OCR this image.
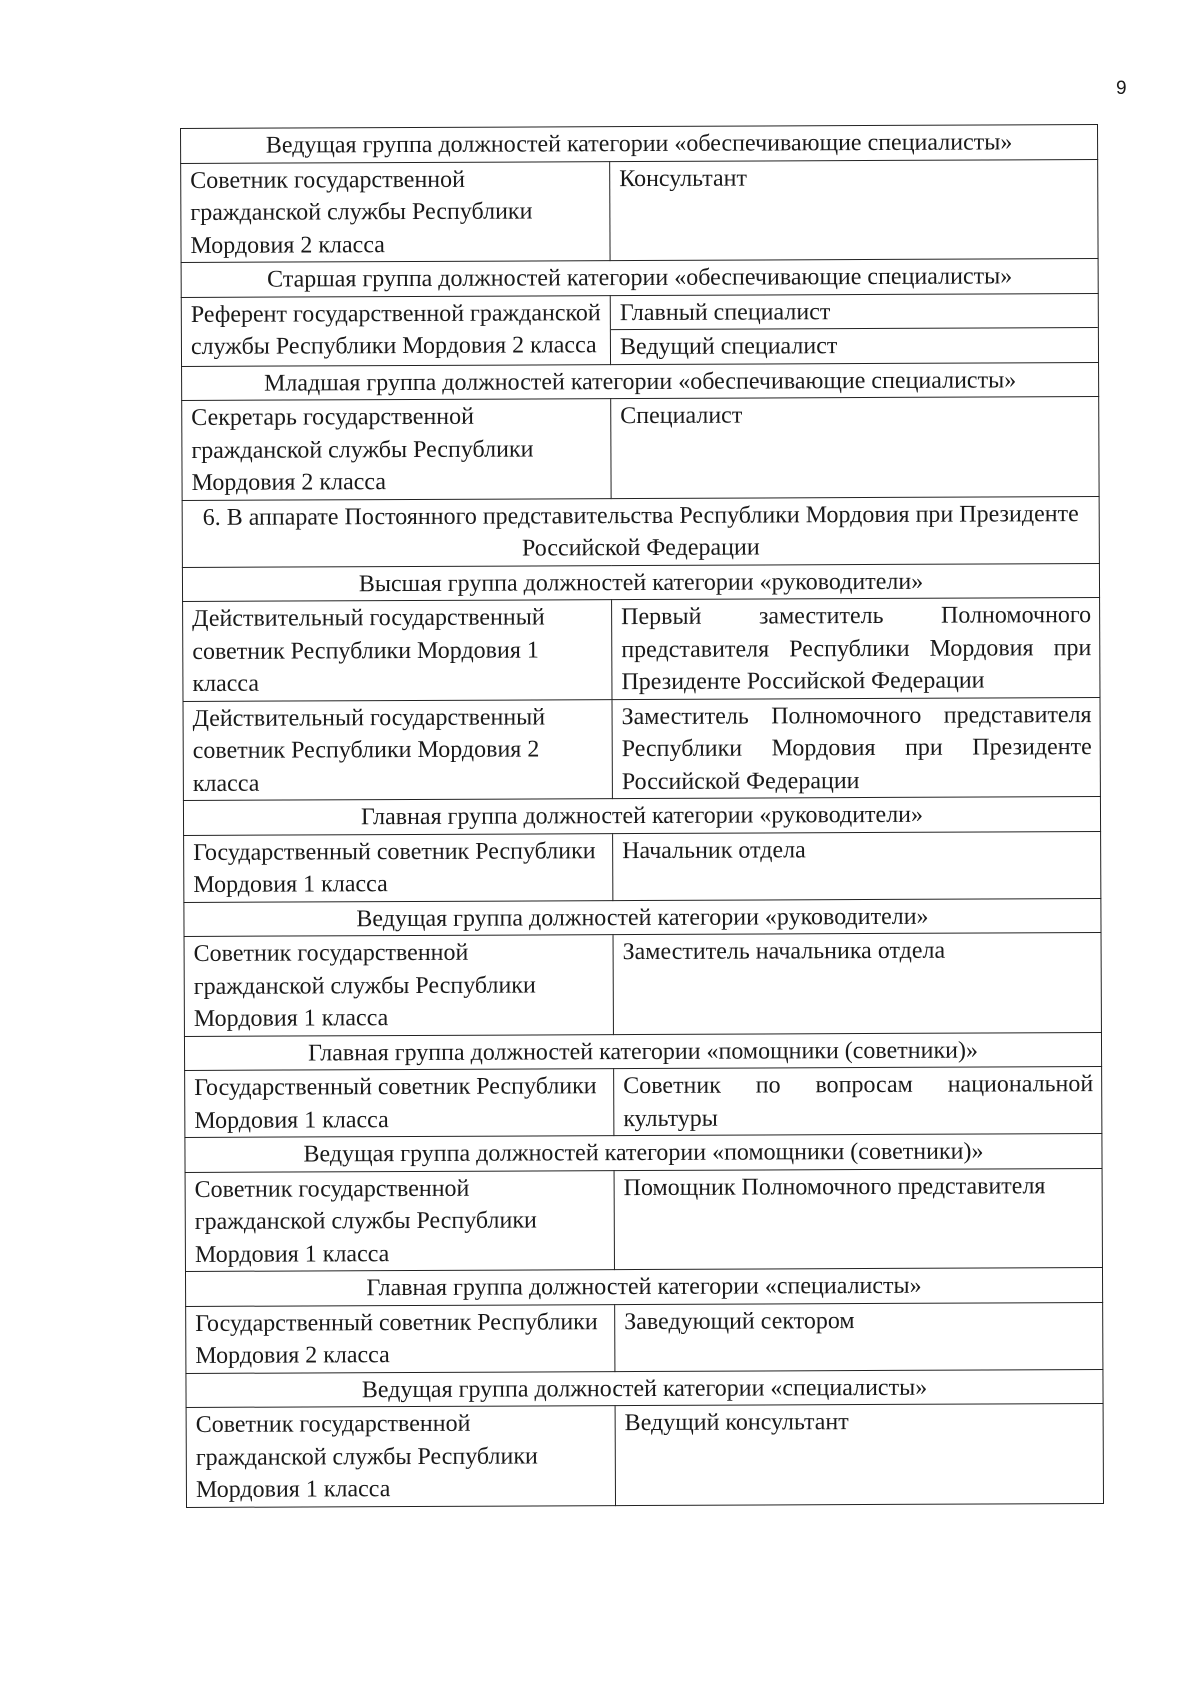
9
Ведущая группа должностей категории «обеспечивающие специалисты»	
Советник государственной гражданской службы Республики Мордовия 2 класса	Консультант
Старшая группа должностей категории «обеспечивающие специалисты»	
Референт государственной гражданской службы Республики Мордовия 2 класса	Главный специалист
Ведущий специалист

Младшая группа должностей категории «обеспечивающие специалисты»	
Секретарь государственной гражданской службы Республики Мордовия 2 класса	Специалист
6. В аппарате Постоянного представительства Республики Мордовия при Президенте Российской Федерации	
Высшая группа должностей категории «руководители»	
Действительный государственный советник Республики Мордовия 1 класса	Первый заместитель Полномочного представителя Республики Мордовия при Президенте Российской Федерации
Действительный государственный советник Республики Мордовия 2 класса	Заместитель Полномочного представителя Республики Мордовия при Президенте Российской Федерации
Главная группа должностей категории «руководители»	
Государственный советник Республики Мордовия 1 класса	Начальник отдела
Ведущая группа должностей категории «руководители»	
Советник государственной гражданской службы Республики Мордовия 1 класса	Заместитель начальника отдела
Главная группа должностей категории «помощники (советники)»	
Государственный советник Республики Мордовия 1 класса	Советник по вопросам национальной культуры
Ведущая группа должностей категории «помощники (советники)»	
Советник государственной гражданской службы Республики Мордовия 1 класса	Помощник Полномочного представителя
Главная группа должностей категории «специалисты»	
Государственный советник Республики Мордовия 2 класса	Заведующий сектором
Ведущая группа должностей категории «специалисты»	
Советник государственной гражданской службы Республики Мордовия 1 класса	Ведущий консультант
